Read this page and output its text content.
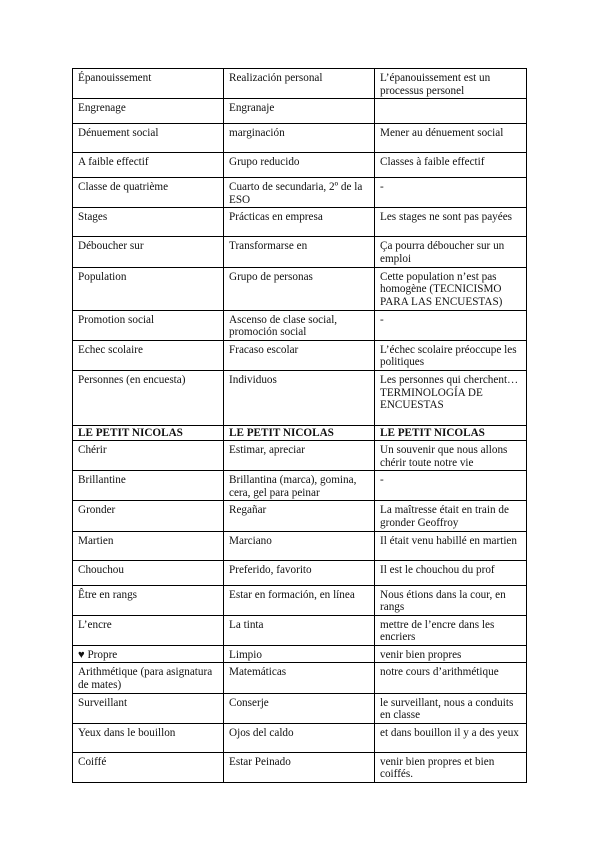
Épanouissement	Realización personal	L’épanouissement est un processus personel
Engrenage	Engranaje	
Dénuement social	marginación	Mener au dénuement social
A faible effectif	Grupo reducido	Classes à faible effectif
Classe de quatrième	Cuarto de secundaria, 2º de la ESO	-
Stages	Prácticas en empresa	Les stages ne sont pas payées
Déboucher sur	Transformarse en	Ça pourra déboucher sur un emploi
Population	Grupo de personas	Cette population n’est pas homogène (TECNICISMO PARA LAS ENCUESTAS)
Promotion social	Ascenso de clase social, promoción social	-
Echec scolaire	Fracaso escolar	L’échec scolaire préoccupe les politiques
Personnes (en encuesta)	Individuos	Les personnes qui cherchent… TERMINOLOGÍA DE ENCUESTAS
LE PETIT NICOLAS	LE PETIT NICOLAS	LE PETIT NICOLAS
Chérir	Estimar, apreciar	Un souvenir que nous allons chérir toute notre vie
Brillantine	Brillantina (marca), gomina, cera, gel para peinar	-
Gronder	Regañar	La maîtresse était en train de gronder Geoffroy
Martien	Marciano	Il était venu habillé en martien
Chouchou	Preferido, favorito	Il est le chouchou du prof
Être en rangs	Estar en formación, en línea	Nous étions dans la cour, en rangs
L’encre	La tinta	mettre de l’encre dans les encriers
♥ Propre	Limpio	venir bien propres
Arithmétique (para asignatura de mates)	Matemáticas	notre cours d’arithmétique
Surveillant	Conserje	le surveillant, nous a conduits en classe
Yeux dans le bouillon	Ojos del caldo	et dans bouillon il y a des yeux
Coiffé	Estar Peinado	venir bien propres et bien coiffés.
